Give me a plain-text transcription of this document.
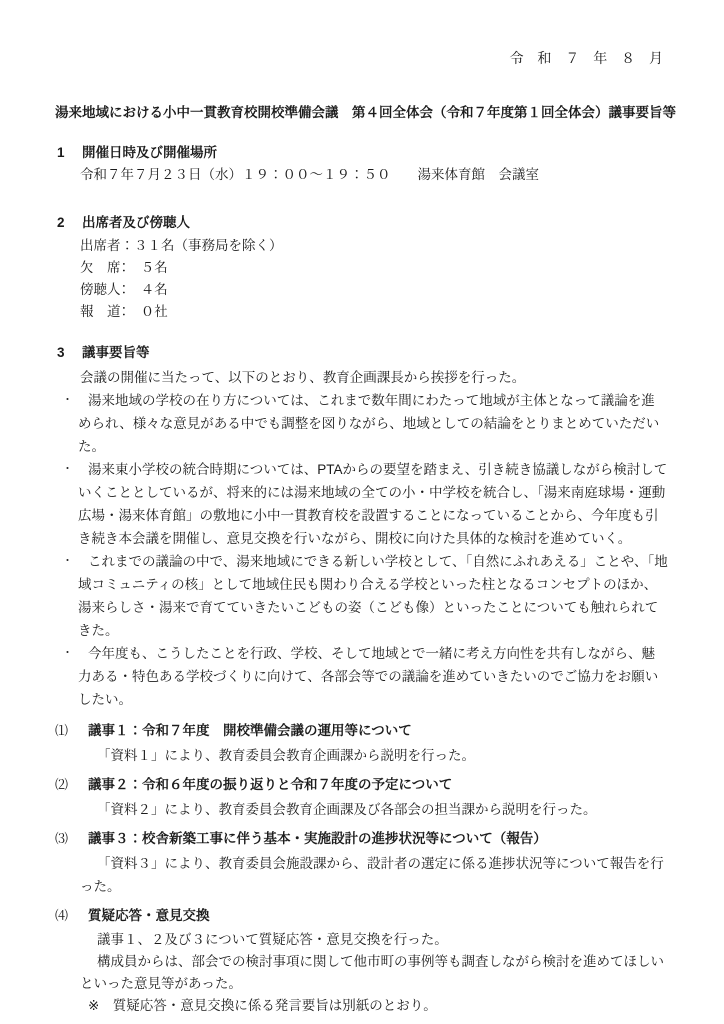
令 和 ７ 年 ８ 月
湯来地域における小中一貫教育校開校準備会議　第４回全体会（令和７年度第１回全体会）議事要旨等
1 開催日時及び開催場所
令和７年７月２３日（水）１９：００～１９：５０　　湯来体育館　会議室
2 出席者及び傍聴人
出席者：３１名（事務局を除く）
欠　席：　５名
傍聴人：　４名
報　道：　０社
3 議事要旨等
会議の開催に当たって、以下のとおり、教育企画課長から挨拶を行った。
・ 湯来地域の学校の在り方については、これまで数年間にわたって地域が主体となって議論を進められ、様々な意見がある中でも調整を図りながら、地域としての結論をとりまとめていただいた。
・ 湯来東小学校の統合時期については、PTAからの要望を踏まえ、引き続き協議しながら検討していくこととしているが、将来的には湯来地域の全ての小・中学校を統合し、「湯来南庭球場・運動広場・湯来体育館」の敷地に小中一貫教育校を設置することになっていることから、今年度も引き続き本会議を開催し、意見交換を行いながら、開校に向けた具体的な検討を進めていく。
・ これまでの議論の中で、湯来地域にできる新しい学校として、「自然にふれあえる」ことや、「地域コミュニティの核」として地域住民も関わり合える学校といった柱となるコンセプトのほか、湯来らしさ・湯来で育てていきたいこどもの姿（こども像）といったことについても触れられてきた。
・ 今年度も、こうしたことを行政、学校、そして地域とで一緒に考え方向性を共有しながら、魅力ある・特色ある学校づくりに向けて、各部会等での議論を進めていきたいのでご協力をお願いしたい。
⑴ 議事１：令和７年度　開校準備会議の運用等について
「資料１」により、教育委員会教育企画課から説明を行った。
⑵ 議事２：令和６年度の振り返りと令和７年度の予定について
「資料２」により、教育委員会教育企画課及び各部会の担当課から説明を行った。
⑶ 議事３：校舎新築工事に伴う基本・実施設計の進捗状況等について（報告）
「資料３」により、教育委員会施設課から、設計者の選定に係る進捗状況等について報告を行った。
⑷ 質疑応答・意見交換
議事１、２及び３について質疑応答・意見交換を行った。
構成員からは、部会での検討事項に関して他市町の事例等も調査しながら検討を進めてほしいといった意見等があった。
※　質疑応答・意見交換に係る発言要旨は別紙のとおり。
